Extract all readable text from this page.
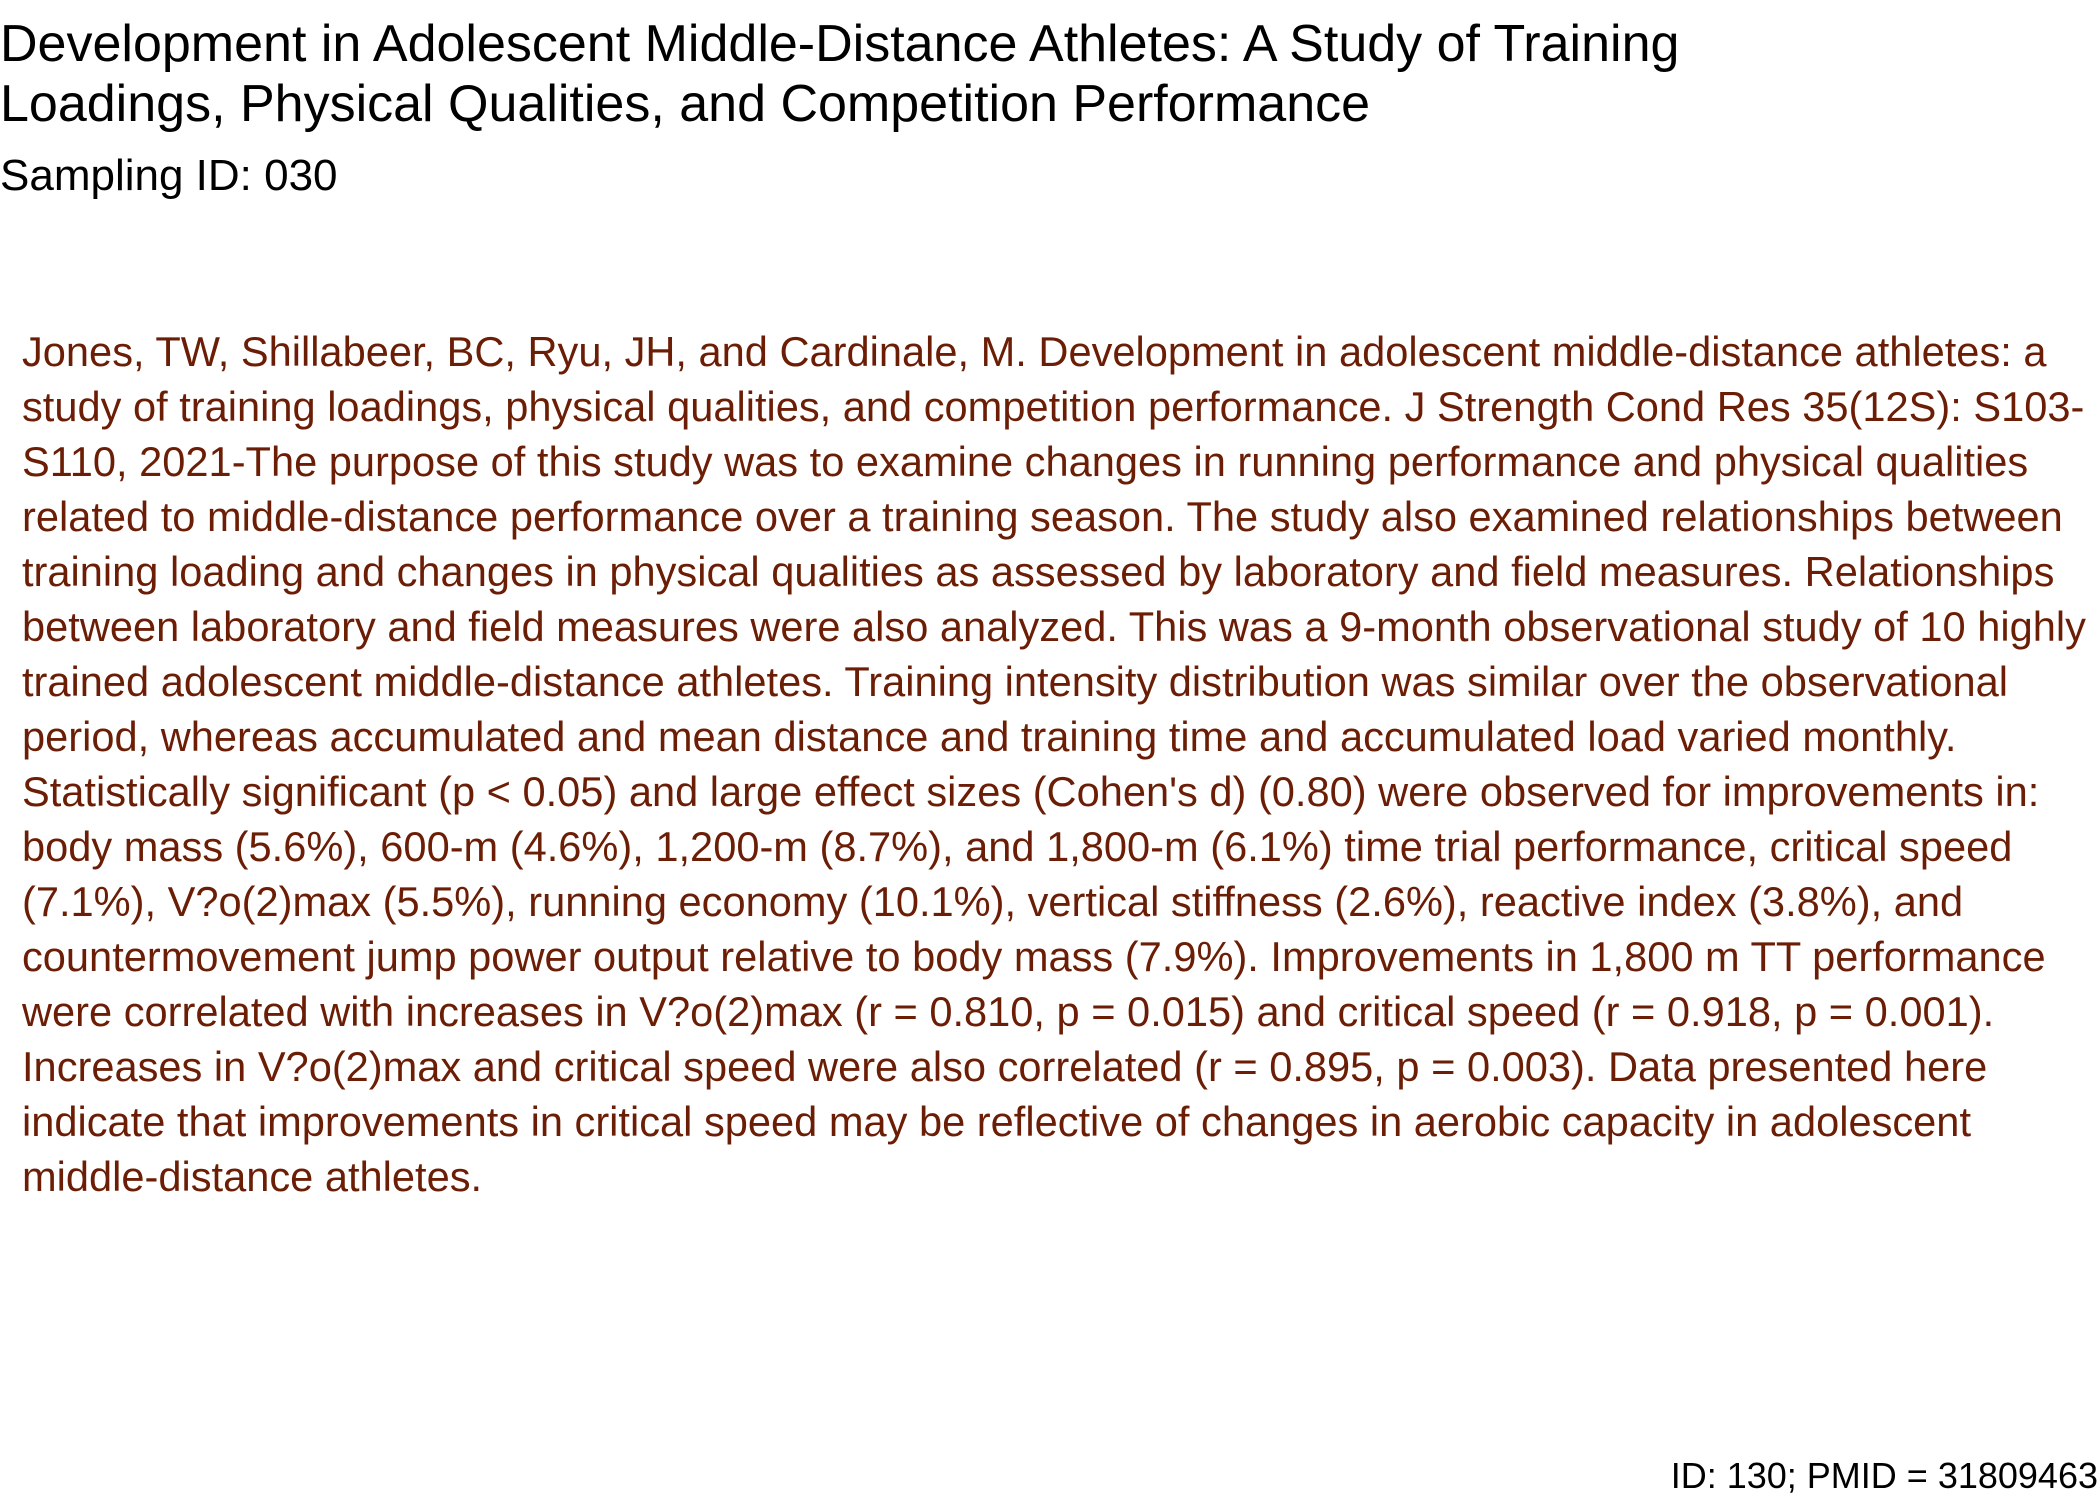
Development in Adolescent Middle-Distance Athletes: A Study of Training Loadings, Physical Qualities, and Competition Performance

Sampling ID: 030

Jones, TW, Shillabeer, BC, Ryu, JH, and Cardinale, M. Development in adolescent middle-distance athletes: a study of training loadings, physical qualities, and competition performance. J Strength Cond Res 35(12S): S103-S110, 2021-The purpose of this study was to examine changes in running performance and physical qualities related to middle-distance performance over a training season. The study also examined relationships between training loading and changes in physical qualities as assessed by laboratory and field measures. Relationships between laboratory and field measures were also analyzed. This was a 9-month observational study of 10 highly trained adolescent middle-distance athletes. Training intensity distribution was similar over the observational period, whereas accumulated and mean distance and training time and accumulated load varied monthly. Statistically significant (p < 0.05) and large effect sizes (Cohen's d) (0.80) were observed for improvements in: body mass (5.6%), 600-m (4.6%), 1,200-m (8.7%), and 1,800-m (6.1%) time trial performance, critical speed (7.1%), V?o(2)max (5.5%), running economy (10.1%), vertical stiffness (2.6%), reactive index (3.8%), and countermovement jump power output relative to body mass (7.9%). Improvements in 1,800 m TT performance were correlated with increases in V?o(2)max (r = 0.810, p = 0.015) and critical speed (r = 0.918, p = 0.001). Increases in V?o(2)max and critical speed were also correlated (r = 0.895, p = 0.003). Data presented here indicate that improvements in critical speed may be reflective of changes in aerobic capacity in adolescent middle-distance athletes.

ID: 130; PMID = 31809463
